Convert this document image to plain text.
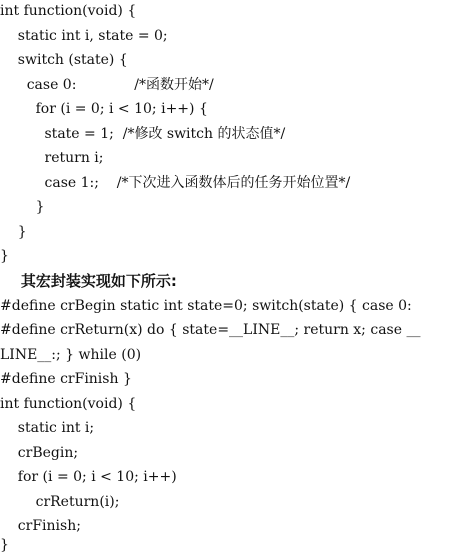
int function(void) {
static int i, state = 0;
switch (state) {
case 0:             /*函数开始*/
for (i = 0; i < 10; i++) {
state = 1;  /*修改 switch 的状态值*/
return i;
case 1:;    /*下次进入函数体后的任务开始位置*/
}
}
}
其宏封装实现如下所示:
#define crBegin static int state=0; switch(state) { case 0:
#define crReturn(x) do { state=__LINE__; return x; case __
LINE__:; } while (0)
#define crFinish }
int function(void) {
static int i;
crBegin;
for (i = 0; i < 10; i++)
crReturn(i);
crFinish;
}
